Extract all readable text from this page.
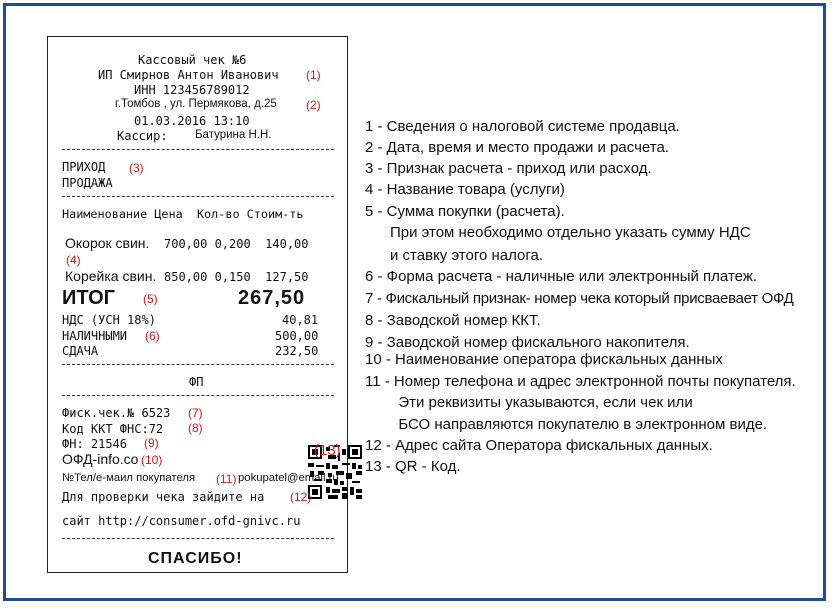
Кассовый чек №6
ИП Смирнов Антон Иванович (1)
ИНН 123456789012
г.Томбов , ул. Пермякова, д.25 (2)
01.03.2016 13:10
Кассир: Батурина Н.Н.
ПРИХОД (3)
ПРОДАЖА
Наименование Цена  Кол-во Стоим-ть
Окорок свин. 700,00 0,200  140,00
(4)
Корейка свин. 850,00 0,150  127,50
ИТОГ (5)	267,50
НДС (УСН 18%)	40,81
НАЛИЧНЫМИ (6)	500,00
СДАЧА	232,50
ФП
Фиск.чек.№ 6523 (7)
Код ККТ ФНС:72 (8)
ФН: 21546 (9)
ОФД-info.co (10)
(13)
№Тел/e-маил покупателя (11) pokupatel@email.ru
Для проверки чека зайдите на (12)
сайт http://consumer.ofd-gnivc.ru
СПАСИБО!
1 - Сведения о налоговой системе продавца.
2 - Дата, время и место продажи и расчета.
3 - Признак расчета - приход или расход.
4 - Название товара (услуги)
5 - Сумма покупки (расчета).
При этом необходимо отдельно указать сумму НДС
и ставку этого налога.
6 - Форма расчета - наличные или электронный платеж.
7 - Фискальный признак- номер чека который присваевает ОФД
8 - Заводской номер ККТ.
9 - Заводской номер фискального накопителя.
10 - Наименование оператора фискальных данных
11 - Номер телефона и адрес электронной почты покупателя.
Эти реквизиты указываются, если чек или
БСО направляются покупателю в электронном виде.
12 - Адрес сайта Оператора фискальных данных.
13 - QR - Код.
